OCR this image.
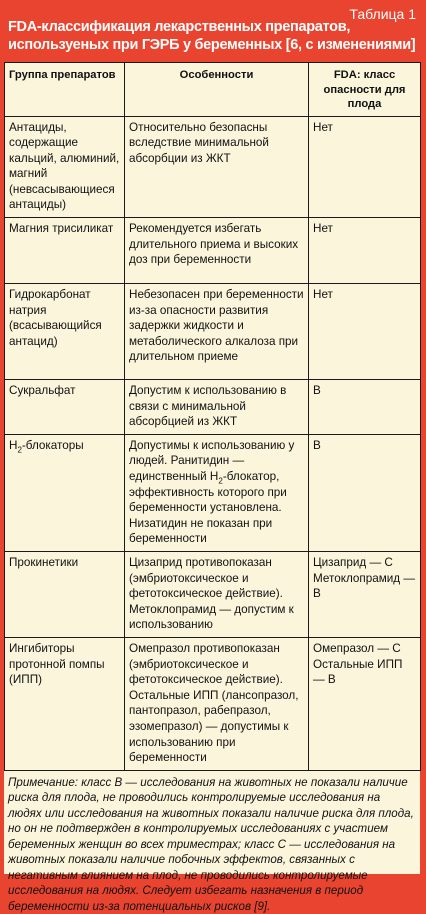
Таблица 1
FDA-классификация лекарственных препаратов, используеных при ГЭРБ у беременных [6, с изменениями]
Группа препаратов	Особенности	FDA: класс опасности для плода
Антациды, содержащие кальций, алюминий, магний (невсасывающиеся антациды)	Относительно безопасны вследствие минимальной абсорбции из ЖКТ	Нет
Магния трисиликат	Рекомендуется избегать длительного приема и высоких доз при беременности	Нет
Гидрокарбонат натрия (всасывающийся антацид)	Небезопасен при беременности из-за опасности развития задержки жидкости и метаболического алкалоза при длительном приеме	Нет
Сукральфат	Допустим к использованию в связи с минимальной абсорбцией из ЖКТ	B
$H_2$-блокаторы	Допустимы к использованию у людей. Ранитидин — единственный $H_2$-блокатор, эффективность которого при беременности установлена. Низатидин не показан при беременности	B
Прокинетики	Цизаприд противопоказан (эмбриотоксическое и фетотоксическое действие). Метоклопрамид — допустим к использованию	Цизаприд — С Метоклопрамид — В
Ингибиторы протонной помпы (ИПП)	Омепразол противопоказан (эмбриотоксическое и фетотоксическое действие). Остальные ИПП (лансопразол, пантопразол, рабепразол, эзомепразол) — допустимы к использованию при беременности	Омепразол — С Остальные ИПП — В
Примечание: класс В — исследования на животных не показали наличие риска для плода, не проводились контролируемые исследования на людях или исследования на животных показали наличие риска для плода, но он не подтвержден в контролируемых исследованиях с участием беременных женщин во всех триместрах; класс С — исследования на животных показали наличие побочных эффектов, связанных с негативным влиянием на плод, не проводились контролируемые исследования на людях. Следует избегать назначения в период беременности из-за потенциальных рисков [9].
